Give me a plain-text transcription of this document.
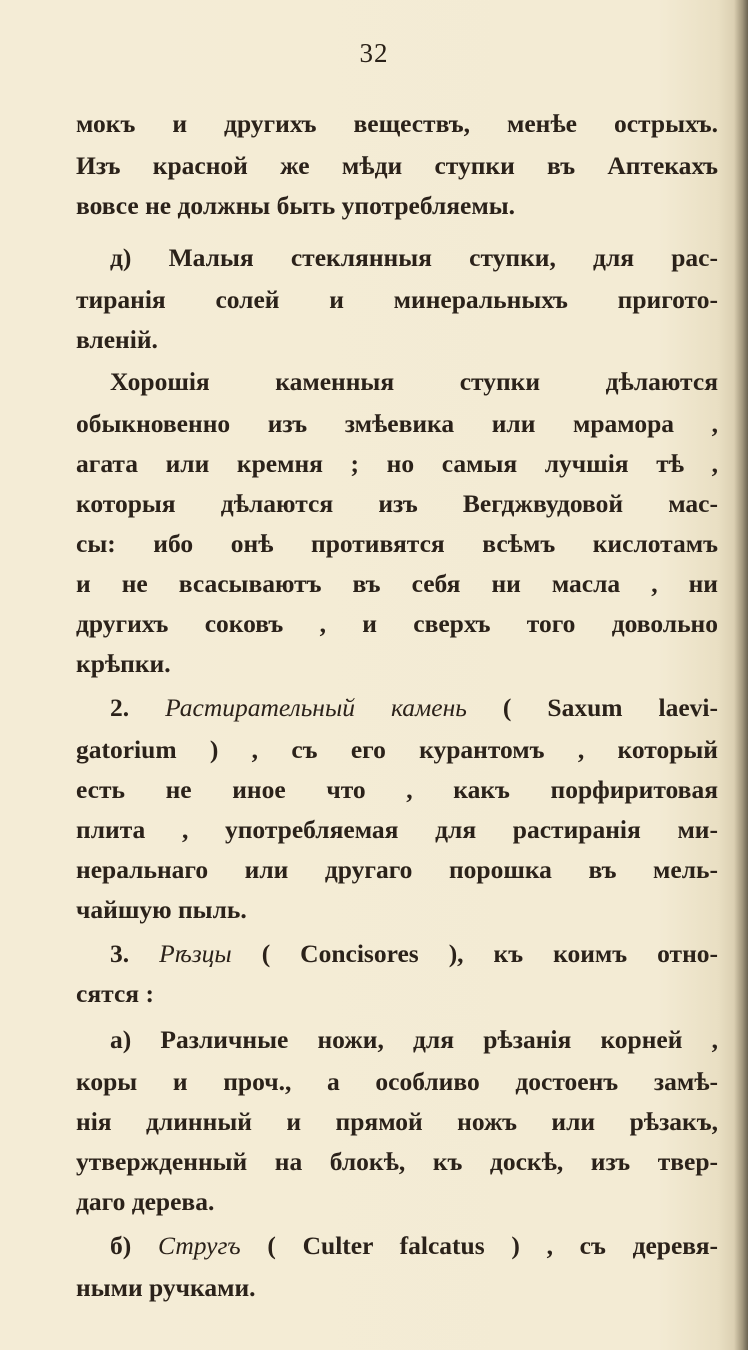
32
мокъ и другихъ веществъ, менѣе острыхъ.
Изъ красной же мѣди ступки въ Аптекахъ
вовсе не должны быть употребляемы.
д) Малыя стеклянныя ступки, для рас-
тиранія солей и минеральныхъ пригото-
вленій.
Хорошія каменныя ступки дѣлаются
обыкновенно изъ змѣевика или мрамора ,
агата или кремня ; но самыя лучшія тѣ ,
которыя дѣлаются изъ Вегджвудовой мас-
сы: ибо онѣ противятся всѣмъ кислотамъ
и не всасываютъ въ себя ни масла , ни
другихъ соковъ , и сверхъ того довольно
крѣпки.
2. Растирательный камень ( Saxum laevi-
gatorium ) , съ его курантомъ , который
есть не иное что , какъ порфиритовая
плита , употребляемая для растиранія ми-
неральнаго или другаго порошка въ мель-
чайшую пыль.
3. Рѣзцы ( Concisores ), къ коимъ отно-
сятся :
а) Различные ножи, для рѣзанія корней ,
коры и проч., а особливо достоенъ замѣ-
нія длинный и прямой ножъ или рѣзакъ,
утвержденный на блокѣ, къ доскѣ, изъ твер-
даго дерева.
б) Стругъ ( Culter falcatus ) , съ деревя-
ными ручками.
